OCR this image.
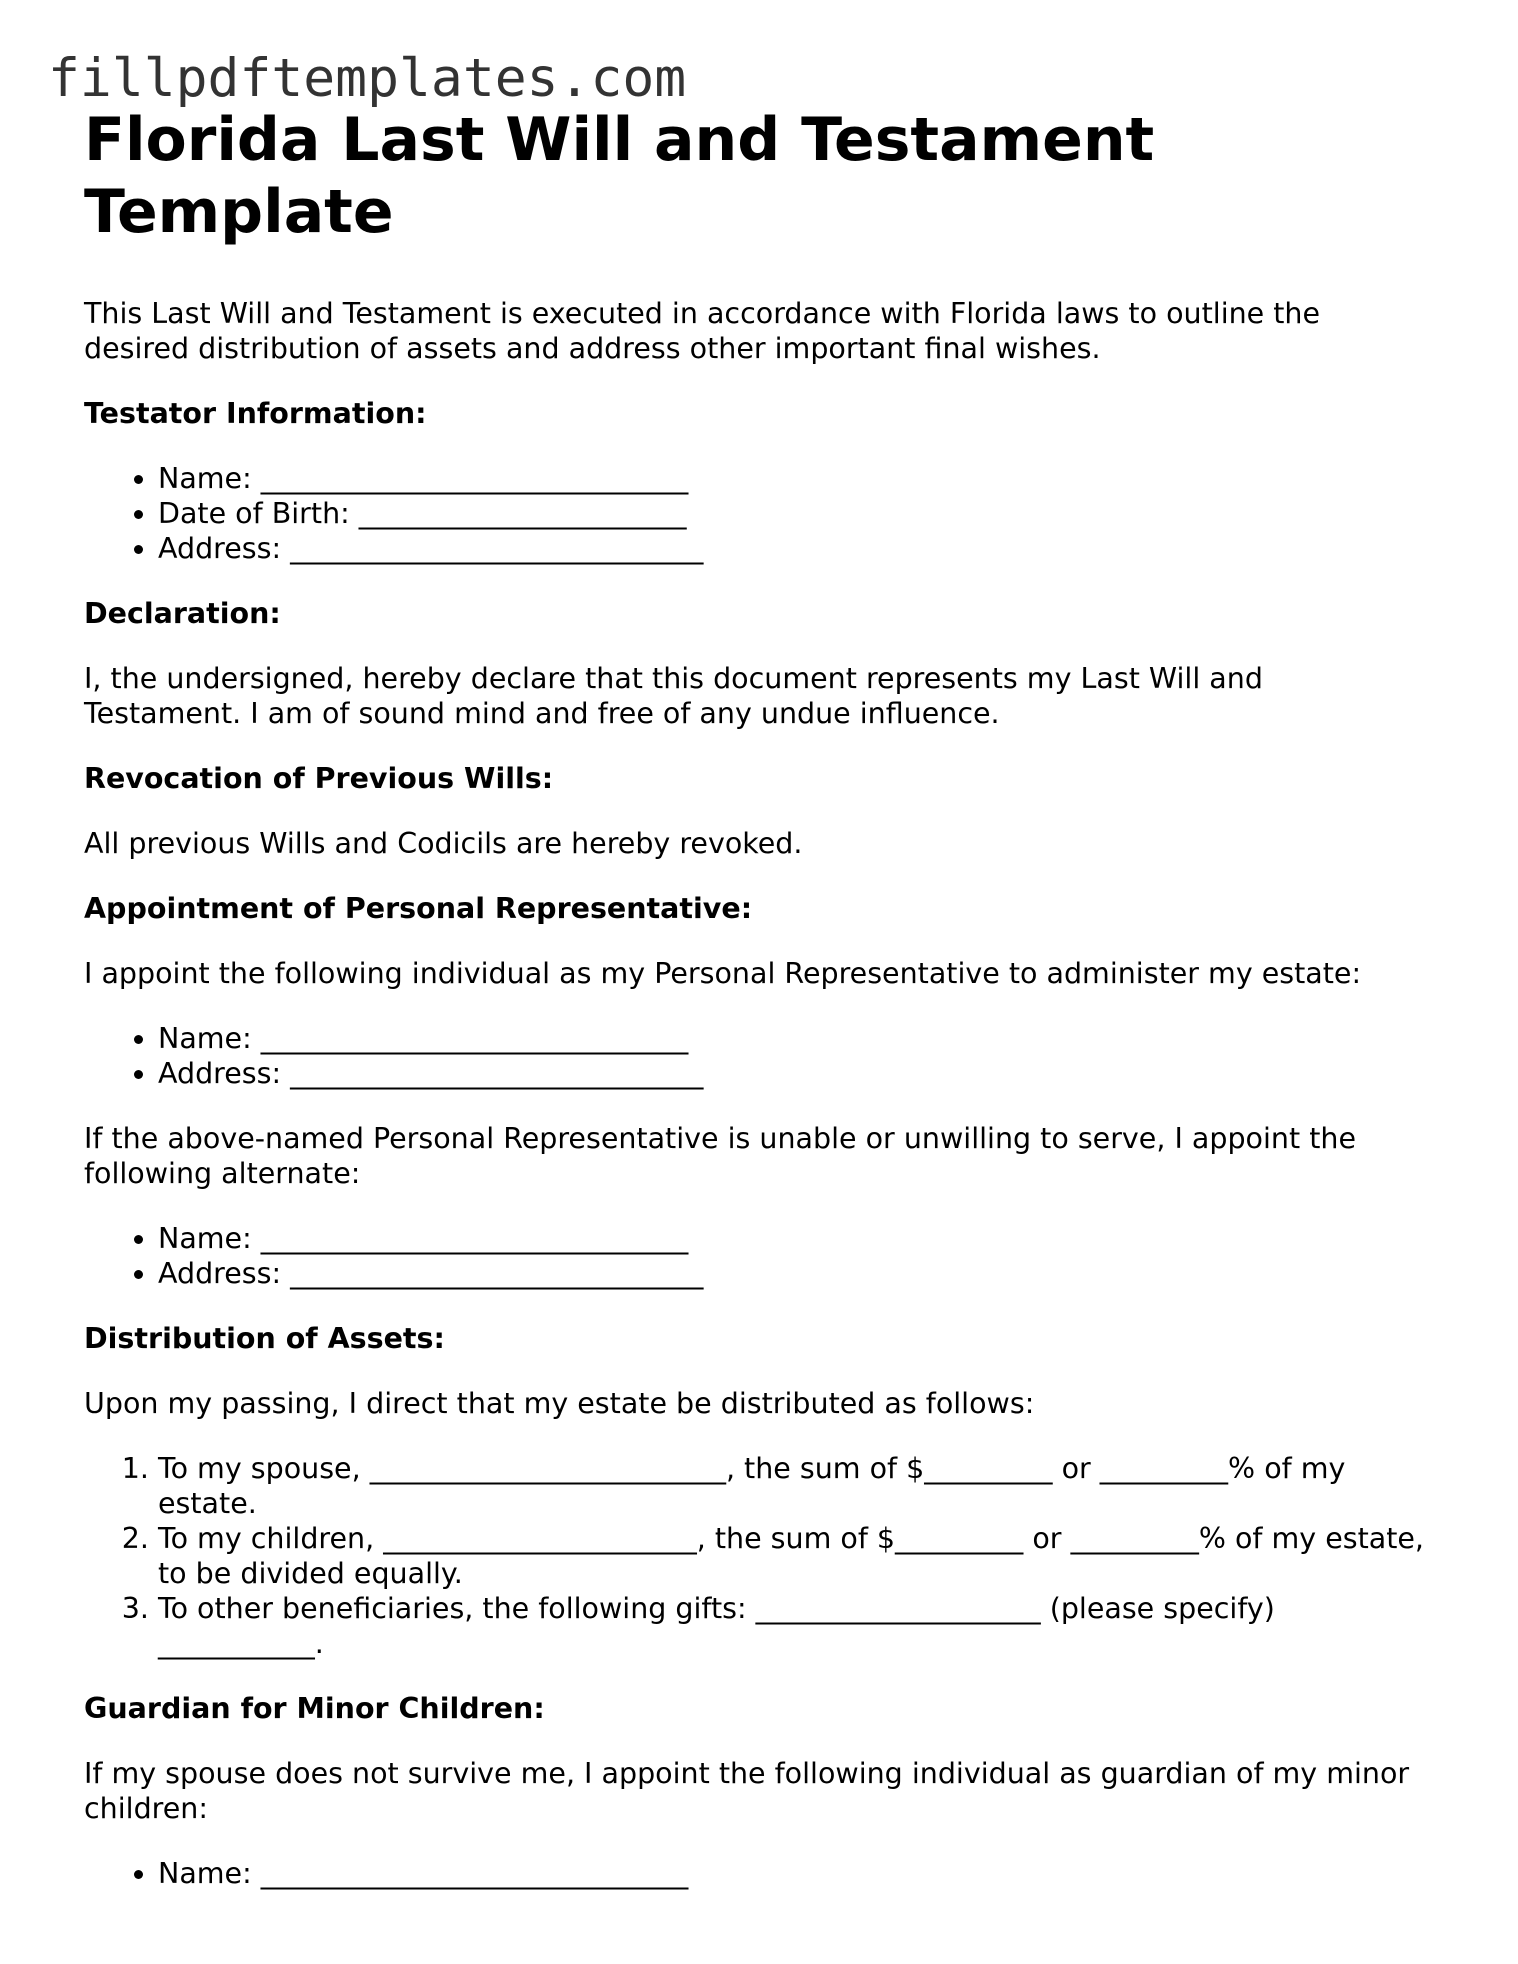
fillpdftemplates.com
Florida Last Will and Testament Template

This Last Will and Testament is executed in accordance with Florida laws to outline the desired distribution of assets and address other important final wishes.

Testator Information:
• Name: ______________________________
• Date of Birth: _______________________
• Address: _____________________________
Declaration:

I, the undersigned, hereby declare that this document represents my Last Will and Testament. I am of sound mind and free of any undue influence.

Revocation of Previous Wills:

All previous Wills and Codicils are hereby revoked.

Appointment of Personal Representative:

I appoint the following individual as my Personal Representative to administer my estate:

• Name: ______________________________
• Address: _____________________________

If the above-named Personal Representative is unable or unwilling to serve, I appoint the following alternate:

• Name: ______________________________
• Address: _____________________________
Distribution of Assets:

Upon my passing, I direct that my estate be distributed as follows:

1. To my spouse, _________________________, the sum of $_________ or _________% of my estate.
2. To my children, ______________________, the sum of $_________ or _________% of my estate, to be divided equally.
3. To other beneficiaries, the following gifts: ____________________ (please specify) ___________.
Guardian for Minor Children:

If my spouse does not survive me, I appoint the following individual as guardian of my minor children:

• Name: ______________________________
